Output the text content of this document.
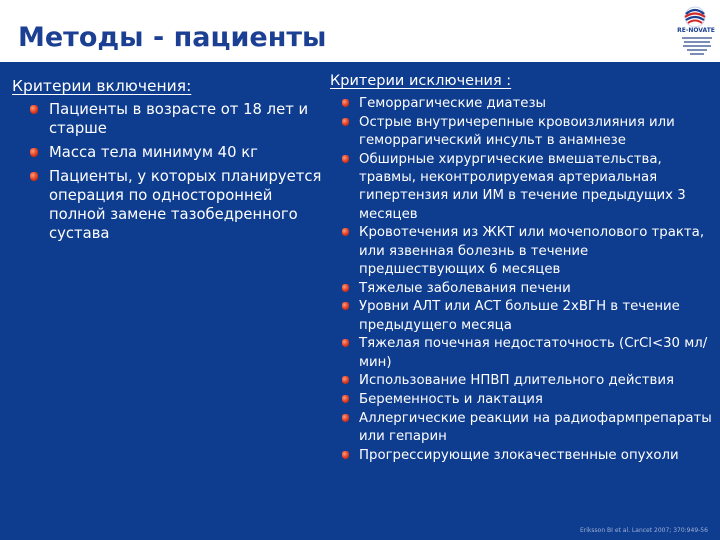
Методы - пациенты	RE-NOVATE
Критерии включения:
Пациенты в возрасте от 18 лет и старше
Масса тела минимум 40 кг
Пациенты, у которых планируется операция по односторонней полной замене тазобедренного сустава
Критерии исключения :
Геморрагические диатезы
Острые внутричерепные кровоизлияния или геморрагический инсульт в анамнезе
Обширные хирургические вмешательства, травмы, неконтролируемая артериальная гипертензия или ИМ в течение предыдущих 3 месяцев
Кровотечения из ЖКТ или мочеполового тракта, или язвенная болезнь в течение предшествующих 6 месяцев
Тяжелые заболевания печени
Уровни АЛТ или АСТ больше 2хВГН в течение предыдущего месяца
Тяжелая почечная недостаточность (CrCl<30 мл/мин)
Использование НПВП длительного действия
Беременность и лактация
Аллергические реакции на радиофармпрепараты или гепарин
Прогрессирующие злокачественные опухоли
Eriksson BI et al. Lancet 2007; 370:949-56
